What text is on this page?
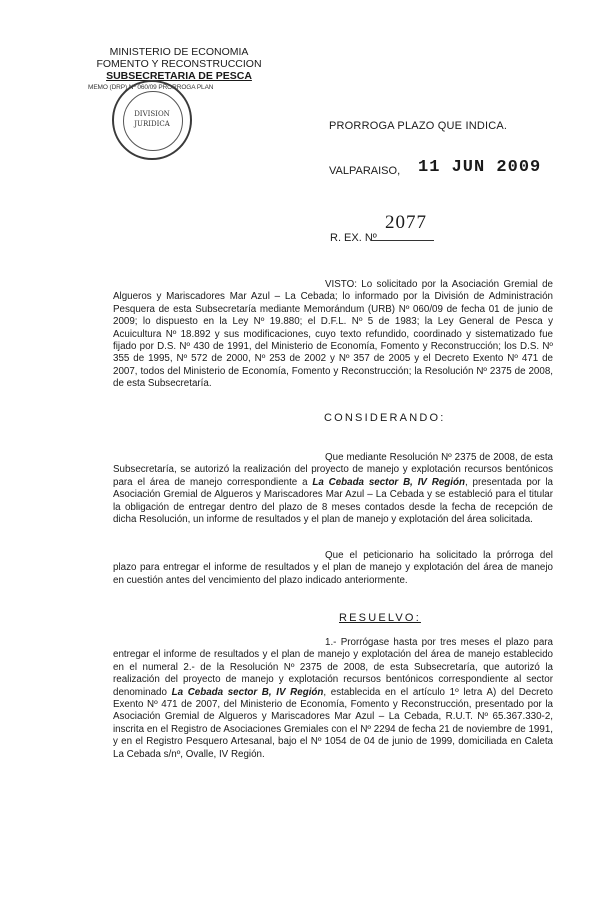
MINISTERIO DE ECONOMIA
FOMENTO Y RECONSTRUCCION
SUBSECRETARIA DE PESCA
MEMO (DRP) Nº 060/09 PRORROGA PLAN
DIVISION
JURIDICA	PRORROGA PLAZO QUE INDICA.
VALPARAISO, 11 JUN 2009
2077
R. EX. Nº
VISTO: Lo solicitado por la Asociación Gremial de Algueros y Mariscadores Mar Azul – La Cebada; lo informado por la División de Administración Pesquera de esta Subsecretaría mediante Memorándum (URB) Nº 060/09 de fecha 01 de junio de 2009; lo dispuesto en la Ley Nº 19.880; el D.F.L. Nº 5 de 1983; la Ley General de Pesca y Acuicultura Nº 18.892 y sus modificaciones, cuyo texto refundido, coordinado y sistematizado fue fijado por D.S. Nº 430 de 1991, del Ministerio de Economía, Fomento y Reconstrucción; los D.S. Nº 355 de 1995, Nº 572 de 2000, Nº 253 de 2002 y Nº 357 de 2005 y el Decreto Exento Nº 471 de 2007, todos del Ministerio de Economía, Fomento y Reconstrucción; la Resolución Nº 2375 de 2008, de esta Subsecretaría.
CONSIDERANDO:
Que mediante Resolución Nº 2375 de 2008, de esta Subsecretaría, se autorizó la realización del proyecto de manejo y explotación recursos bentónicos para el área de manejo correspondiente a La Cebada sector B, IV Región, presentada por la Asociación Gremial de Algueros y Mariscadores Mar Azul – La Cebada y se estableció para el titular la obligación de entregar dentro del plazo de 8 meses contados desde la fecha de recepción de dicha Resolución, un informe de resultados y el plan de manejo y explotación del área solicitada.
Que el peticionario ha solicitado la prórroga del plazo para entregar el informe de resultados y el plan de manejo y explotación del área de manejo en cuestión antes del vencimiento del plazo indicado anteriormente.
RESUELVO:
1.- Prorrógase hasta por tres meses el plazo para entregar el informe de resultados y el plan de manejo y explotación del área de manejo establecido en el numeral 2.- de la Resolución Nº 2375 de 2008, de esta Subsecretaría, que autorizó la realización del proyecto de manejo y explotación recursos bentónicos correspondiente al sector denominado La Cebada sector B, IV Región, establecida en el artículo 1º letra A) del Decreto Exento Nº 471 de 2007, del Ministerio de Economía, Fomento y Reconstrucción, presentado por la Asociación Gremial de Algueros y Mariscadores Mar Azul – La Cebada, R.U.T. Nº 65.367.330-2, inscrita en el Registro de Asociaciones Gremiales con el Nº 2294 de fecha 21 de noviembre de 1991, y en el Registro Pesquero Artesanal, bajo el Nº 1054 de 04 de junio de 1999, domiciliada en Caleta La Cebada s/nº, Ovalle, IV Región.
